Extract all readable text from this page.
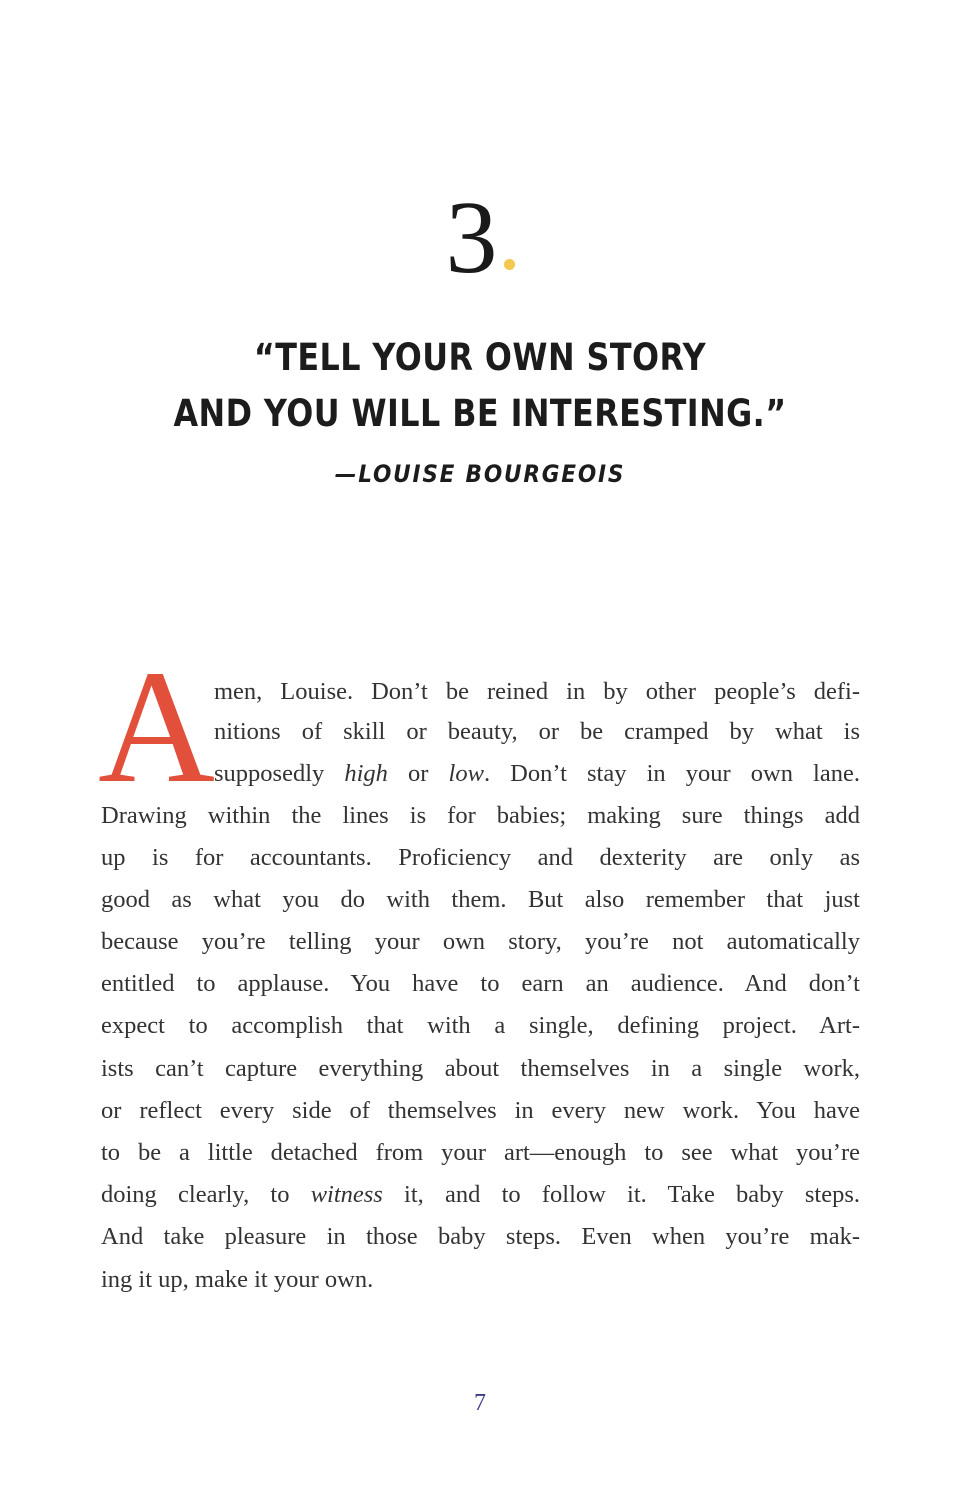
3
“TELL YOUR OWN STORY
AND YOU WILL BE INTERESTING.”
—LOUISE BOURGEOIS
A men, Louise. Don’t be reined in by other people’s defi-
nitions of skill or beauty, or be cramped by what is
supposedly high or low. Don’t stay in your own lane.
Drawing within the lines is for babies; making sure things add
up is for accountants. Proficiency and dexterity are only as
good as what you do with them. But also remember that just
because you’re telling your own story, you’re not automatically
entitled to applause. You have to earn an audience. And don’t
expect to accomplish that with a single, defining project. Art-
ists can’t capture everything about themselves in a single work,
or reflect every side of themselves in every new work. You have
to be a little detached from your art—enough to see what you’re
doing clearly, to witness it, and to follow it. Take baby steps.
And take pleasure in those baby steps. Even when you’re mak-
ing it up, make it your own.
7
